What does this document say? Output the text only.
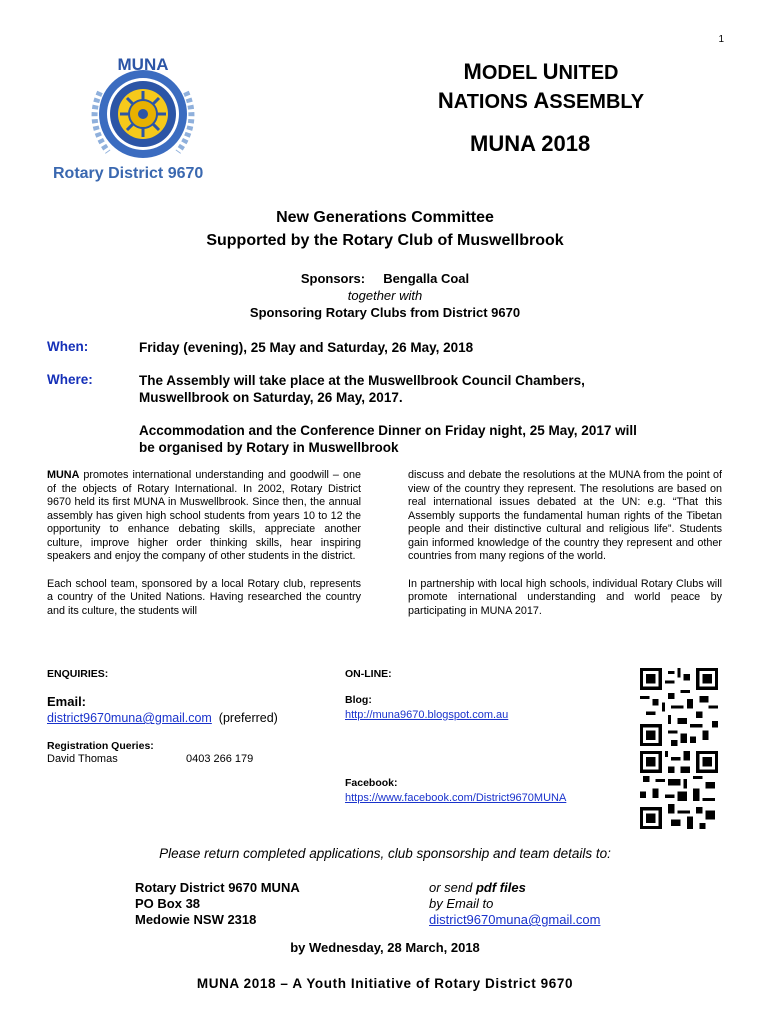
1
MUNA
Rotary District 9670
MODEL UNITED
NATIONS ASSEMBLY
MUNA 2018
New Generations Committee
Supported by the Rotary Club of Muswellbrook
Sponsors: Bengalla Coal
together with
Sponsoring Rotary Clubs from District 9670
When:	Friday (evening), 25 May and Saturday, 26 May, 2018
Where:	The Assembly will take place at the Muswellbrook Council Chambers,
Muswellbrook on Saturday, 26 May, 2017.
Accommodation and the Conference Dinner on Friday night, 25 May, 2017 will
be organised by Rotary in Muswellbrook
MUNA promotes international understanding and goodwill – one of the objects of Rotary International. In 2002, Rotary District 9670 held its first MUNA in Muswellbrook. Since then, the annual assembly has given high school students from years 10 to 12 the opportunity to enhance debating skills, appreciate another culture, improve higher order thinking skills, hear inspiring speakers and enjoy the company of other students in the district.
Each school team, sponsored by a local Rotary club, represents a country of the United Nations. Having researched the country and its culture, the students will
discuss and debate the resolutions at the MUNA from the point of view of the country they represent. The resolutions are based on real international issues debated at the UN: e.g. “That this Assembly supports the fundamental human rights of the Tibetan people and their distinctive cultural and religious life”. Students gain informed knowledge of the country they represent and other countries from many regions of the world.
In partnership with local high schools, individual Rotary Clubs will promote international understanding and world peace by participating in MUNA 2017.
ENQUIRIES:
Email:
district9670muna@gmail.com (preferred)
Registration Queries:
David Thomas	0403 266 179
ON-LINE:
Blog:
http://muna9670.blogspot.com.au
Facebook:
https://www.facebook.com/District9670MUNA
Please return completed applications, club sponsorship and team details to:
Rotary District 9670 MUNA
PO Box 38
Medowie NSW 2318
or send pdf files
by Email to
district9670muna@gmail.com
by Wednesday, 28 March, 2018
MUNA 2018 – A Youth Initiative of Rotary District 9670
